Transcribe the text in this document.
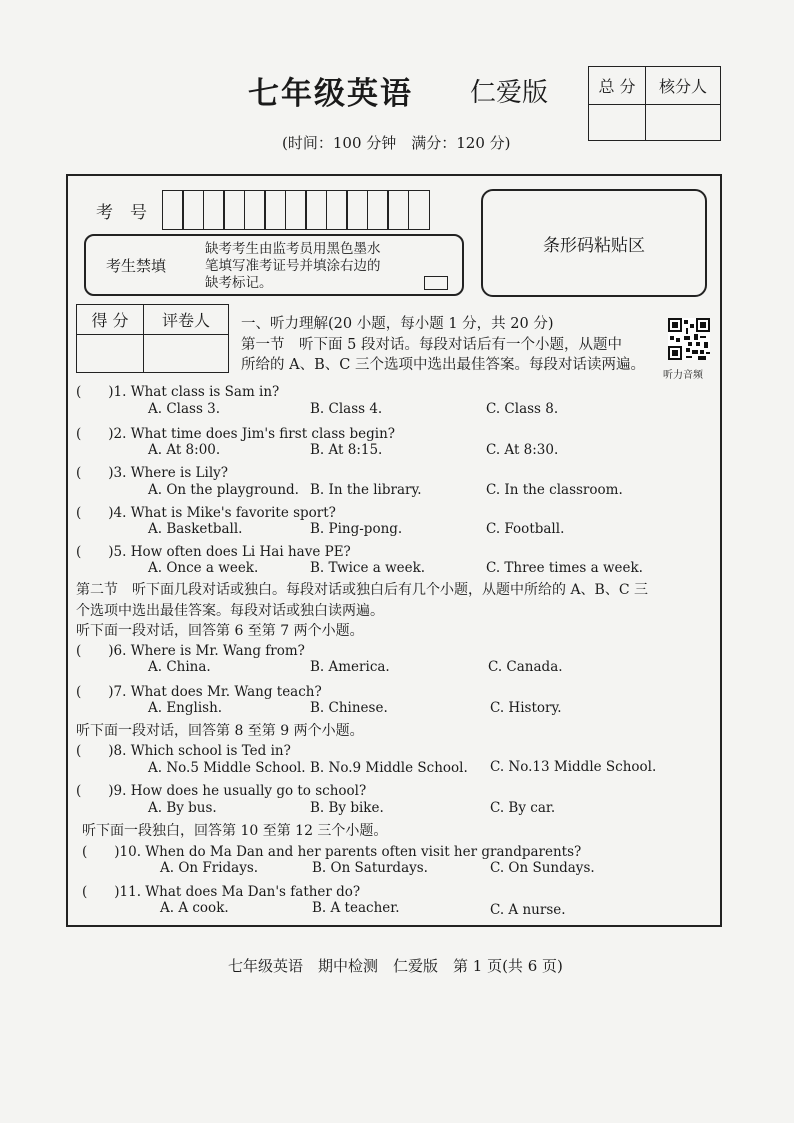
七年级英语 仁爱版
(时间：100 分钟　满分：120 分)
总 分	核分人

考　号
考生禁填
缺考考生由监考员用黑色墨水
笔填写准考证号并填涂右边的
缺考标记。
条形码粘贴区
得 分	评卷人

听力音频
一、听力理解(20 小题，每小题 1 分，共 20 分)
第一节　听下面 5 段对话。每段对话后有一个小题，从题中
所给的 A、B、C 三个选项中选出最佳答案。每段对话读两遍。
(　　)1. What class is Sam in?
A. Class 3.	B. Class 4.	C. Class 8.
(　　)2. What time does Jim's first class begin?
A. At 8:00.	B. At 8:15.	C. At 8:30.
(　　)3. Where is Lily?
A. On the playground. B. In the library.	C. In the classroom.
(　　)4. What is Mike's favorite sport?
A. Basketball.	B. Ping-pong.	C. Football.
(　　)5. How often does Li Hai have PE?
A. Once a week.	B. Twice a week.	C. Three times a week.
第二节　听下面几段对话或独白。每段对话或独白后有几个小题，从题中所给的 A、B、C 三
个选项中选出最佳答案。每段对话或独白读两遍。
听下面一段对话，回答第 6 至第 7 两个小题。
(　　)6. Where is Mr. Wang from?
A. China.	B. America.	C. Canada.
(　　)7. What does Mr. Wang teach?
A. English.	B. Chinese.	C. History.
听下面一段对话，回答第 8 至第 9 两个小题。
(　　)8. Which school is Ted in?
A. No.5 Middle School. B. No.9 Middle School. C. No.13 Middle School.
(　　)9. How does he usually go to school?
A. By bus.	B. By bike.	C. By car.
听下面一段独白，回答第 10 至第 12 三个小题。
(　　)10. When do Ma Dan and her parents often visit her grandparents?
A. On Fridays.	B. On Saturdays.	C. On Sundays.
(　　)11. What does Ma Dan's father do?
A. A cook.	B. A teacher.	C. A nurse.
七年级英语　期中检测　仁爱版　第 1 页(共 6 页)
